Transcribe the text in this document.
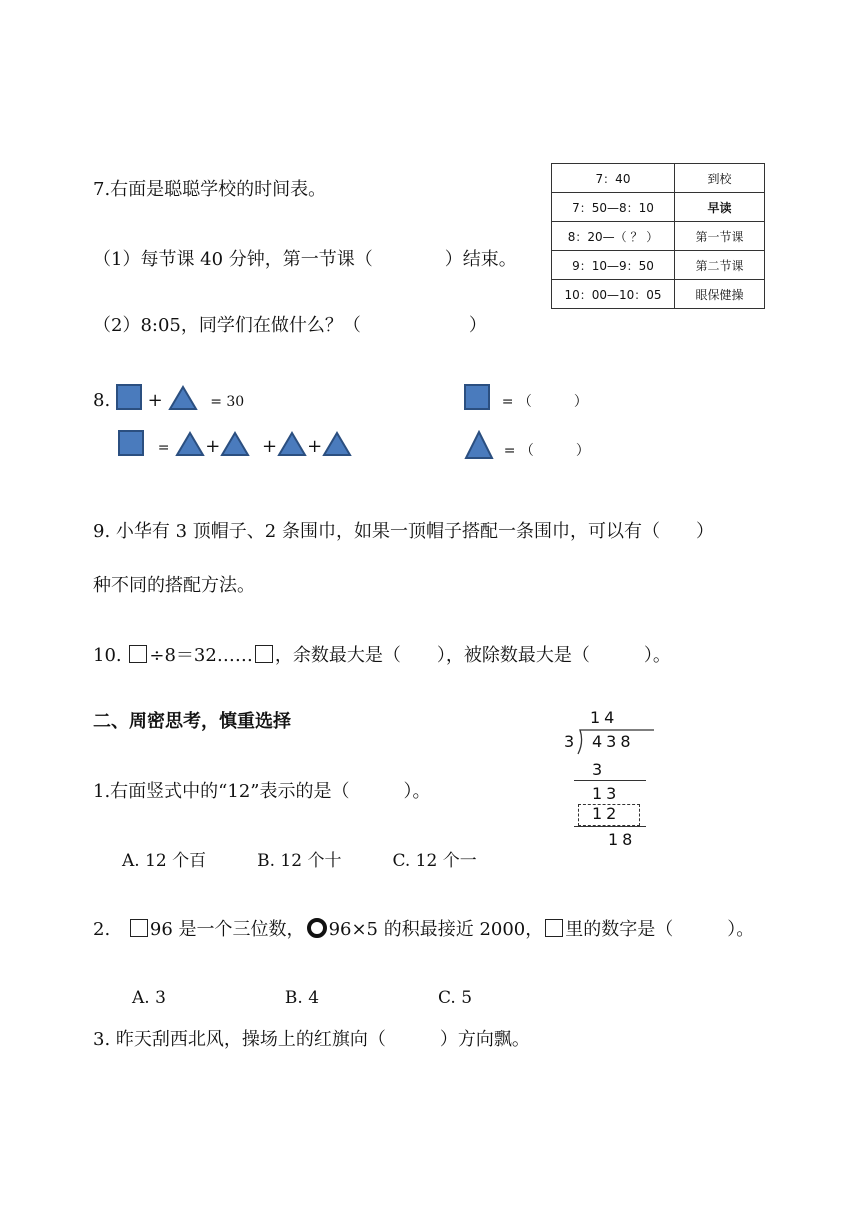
7.右面是聪聪学校的时间表。
（1）每节课 40 分钟，第一节课（　　　　）结束。
（2）8:05，同学们在做什么？（　　　　　　）
7：40	到校
7：50—8：10	早读
8：20—（ ？ ）	第一节课
9：10—9：50	第二节课
10：00—10：05	眼保健操
8. +	= 30
= + + +
= （　　　）
= （　　　）
9. 小华有 3 顶帽子、2 条围巾，如果一顶帽子搭配一条围巾，可以有（　　）
种不同的搭配方法。
10. ÷8＝32…… ，余数最大是（　　），被除数最大是（　　　）。
二、周密思考，慎重选择
1.右面竖式中的“12”表示的是（　　　）。
A. 12 个百　　　B. 12 个十　　　C. 12 个一
14
3 438
3
13
12
18
2. 96 是一个三位数， 96×5 的积最接近 2000， 里的数字是（　　　）。
A. 3　　　　　　　B. 4　　　　　　　C. 5
3. 昨天刮西北风，操场上的红旗向（　　　）方向飘。
